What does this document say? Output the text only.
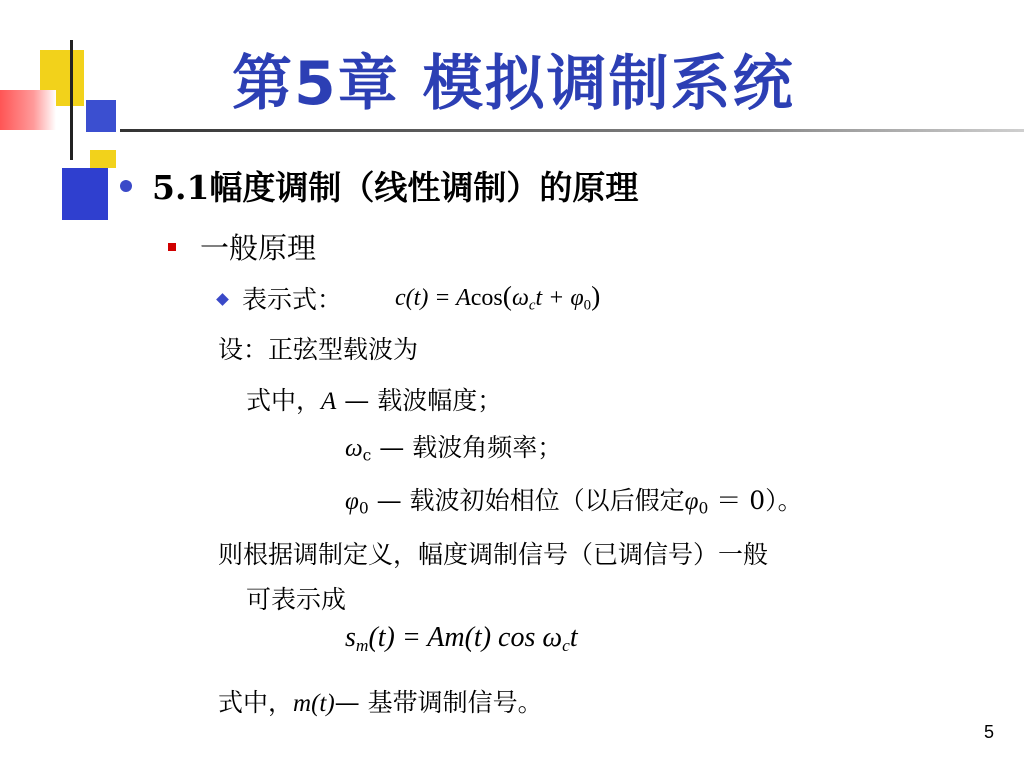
第5章 模拟调制系统
5.1幅度调制（线性调制）的原理
一般原理
表示式： $c(t) = Acos(\omega_ct + \varphi_0)$
设：正弦型载波为
式中，A — 载波幅度；
$\omega_c$ — 载波角频率；
$\varphi_0$ — 载波初始相位（以后假定$\varphi_0 = 0$）。
则根据调制定义，幅度调制信号（已调信号）一般
可表示成
$s_m(t) = Am(t)$ $\cos \omega_ct$
式中，m(t)— 基带调制信号。
5
